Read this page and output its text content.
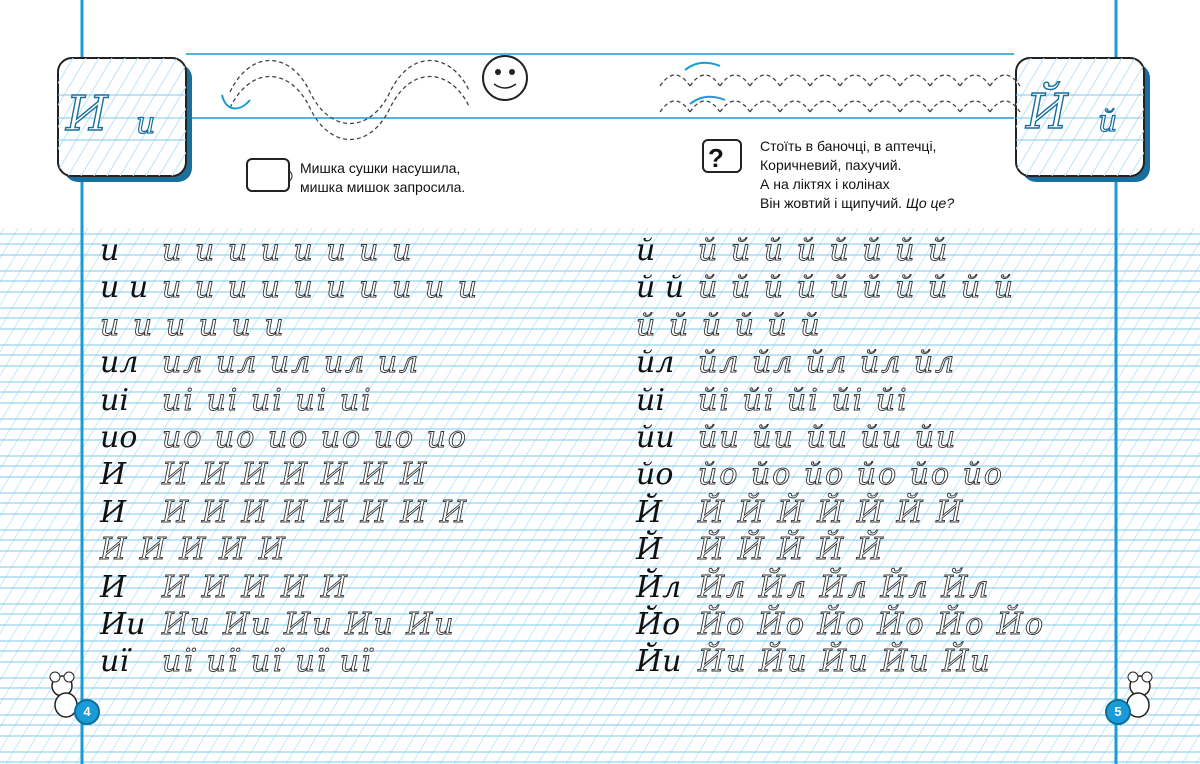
И и	Й й
Мишка сушки насушила,
мишка мишок запросила.
?	Стоїть в баночці, в аптечці,
Коричневий, пахучий.
А на ліктях і колінах
Він жовтий і щипучий. Що це?
и и и и и и и и и
и и и и и и и и и и и и
и и и и и и
ил ил ил ил ил ил
иі иі иі иі иі иі
ио ио ио ио ио ио ио
И И И И И И И И
И И И И И И И И И
И И И И И
И И И И И И
Ии Ии Ии Ии Ии Ии
иї иї иї иї иї иї
й й й й й й й й й
й й й й й й й й й й й й
й й й й й й
йл йл йл йл йл йл
йі йі йі йі йі йі
йи йи йи йи йи йи
йо йо йо йо йо йо йо
Й Й Й Й Й Й Й Й
Й Й Й Й Й Й
Йл Йл Йл Йл Йл Йл
Йо Йо Йо Йо Йо Йо Йо
Йи Йи Йи Йи Йи Йи
4	5
